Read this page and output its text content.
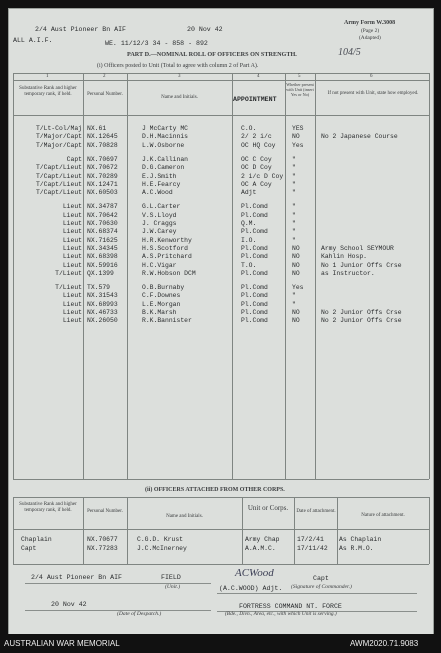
2/4 Aust Pioneer Bn AIF	20 Nov 42
ALL A.I.F.	WE. 11/12/3 34 - 858 - 892
Army Form W.3008
(Page 2)
(Adapted)
104/5
PART D.—NOMINAL ROLL OF OFFICERS ON STRENGTH.
(i) Officers posted to Unit (Total to agree with column 2 of Part A).
1	2	3	4	5	6
Substantive Rank and higher temporary rank, if held.	Personal Number.
Name and Initials.	APPOINTMENT
Whether present with Unit (insert Yes or No)	If not present with Unit, state how employed.
T/Lt-Col/Maj NX.61	J McCarty MC	C.O.	YES
T/Major/Capt NX.12645	D.H.Macinnis	2/ 2 i/c	NO	No 2 Japanese Course
T/Major/Capt NX.70828	L.W.Osborne	OC HQ Coy	Yes
Capt NX.70697	J.K.Callinan	OC C Coy	"
T/Capt/Lieut NX.70672	D.G.Cameron	OC D Coy	"
T/Capt/Lieut NX.70289	E.J.Smith	2 i/c D Coy "
T/Capt/Lieut NX.12471	H.E.Fearcy	OC A Coy	"
T/Capt/Lieut NX.60503	A.C.Wood	Adjt	"
Lieut NX.34787	G.L.Carter	Pl.Comd	"
Lieut NX.70642	V.S.Lloyd	Pl.Comd	"
Lieut NX.70630	J. Craggs	Q.M.	"
Lieut NX.68374	J.W.Carey	Pl.Comd	"
Lieut NX.71625	H.R.Kenworthy	I.O.	"
Lieut NX.34345	H.S.Scotford	Pl.Comd	NO	Army School SEYMOUR
Lieut NX.68398	A.S.Pritchard	Pl.Comd	NO	Kahlin Hosp.
Lieut NX.59916	H.C.Vigar	T.O.	NO	No 1 Junior Offs Crse
T/Lieut QX.1399	R.W.Hobson DCM	Pl.Comd	NO	as Instructor.
T/Lieut TX.579	O.B.Burnaby	Pl.Comd	Yes
Lieut NX.31543	C.F.Downes	Pl.Comd	"
Lieut NX.68993	L.E.Morgan	Pl.Comd	"
Lieut NX.46733	B.K.Marsh	Pl.Comd	NO	No 2 Junior Offs Crse
Lieut NX.26050	R.K.Bannister	Pl.Comd	NO	No 2 Junior Offs Crse
(ii) OFFICERS ATTACHED FROM OTHER CORPS.
Substantive Rank and higher temporary rank, if held.	Personal Number.
Name and Initials.
Unit or Corps.	Date of attachment.
Nature of attachment.
Chaplain	NX.70677	C.G.D. Krust	Army Chap	17/2/41 As Chaplain
Capt	NX.77283	J.C.McInerney	A.A.M.C.	17/11/42 As R.M.O.
2/4 Aust Pioneer Bn AIF	FIELD
(Unit.)
ACWood	Capt
(A.C.WOOD) Adjt. (Signature of Commander.)
20 Nov 42
(Date of Despatch.)
FORTRESS COMMAND NT. FORCE
(Bde., Divn., Area, etc., with which Unit is serving.)
AUSTRALIAN WAR MEMORIAL	AWM2020.71.9083
